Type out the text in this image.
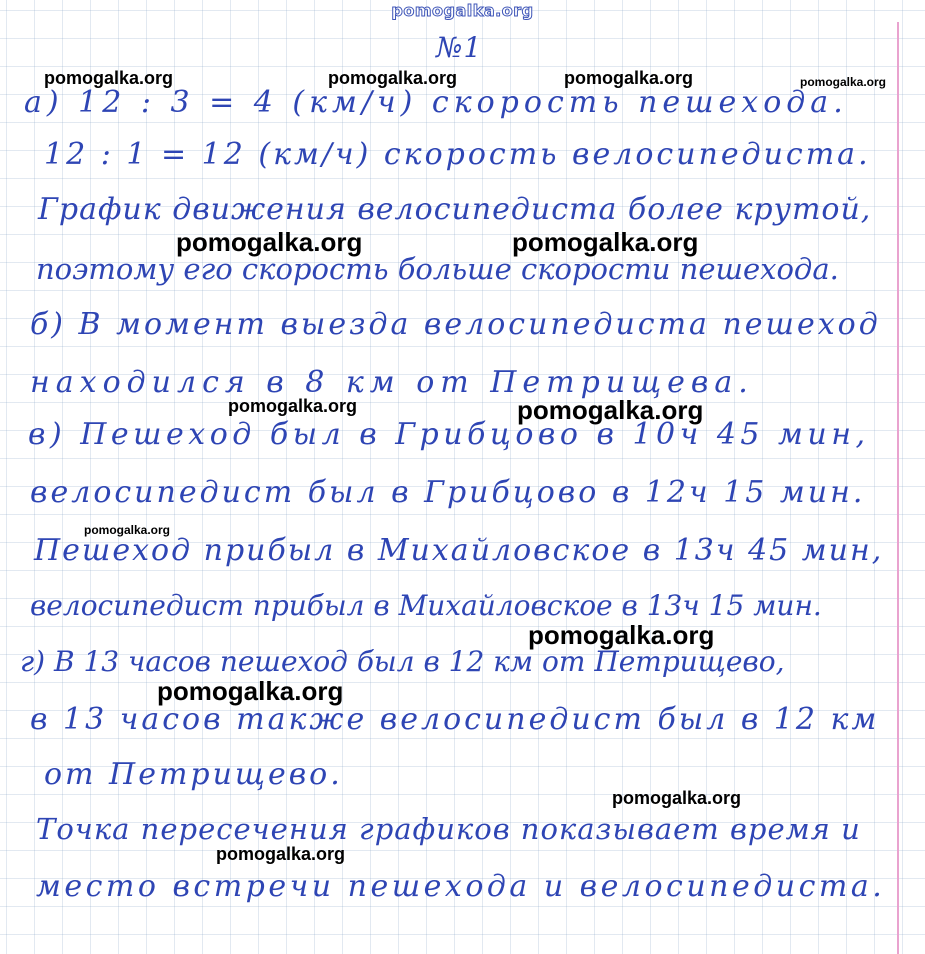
pomogalka.org
№1
а) 12 : 3 = 4 (км/ч) скорость пешехода.
12 : 1 = 12 (км/ч) скорость велосипедиста.
График движения велосипедиста более крутой,
поэтому его скорость больше скорости пешехода.
б) В момент выезда велосипедиста пешеход
находился в 8 км от Петрищева.
в) Пешеход был в Грибцово в 10ч 45 мин,
велосипедист был в Грибцово в 12ч 15 мин.
Пешеход прибыл в Михайловское в 13ч 45 мин,
велосипедист прибыл в Михайловское в 13ч 15 мин.
г) В 13 часов пешеход был в 12 км от Петрищево,
в 13 часов также велосипедист был в 12 км
от Петрищево.
Точка пересечения графиков показывает время и
место встречи пешехода и велосипедиста.
pomogalka.org	pomogalka.org	pomogalka.org	pomogalka.org
pomogalka.org	pomogalka.org
pomogalka.org	pomogalka.org
pomogalka.org
pomogalka.org
pomogalka.org
pomogalka.org
pomogalka.org
